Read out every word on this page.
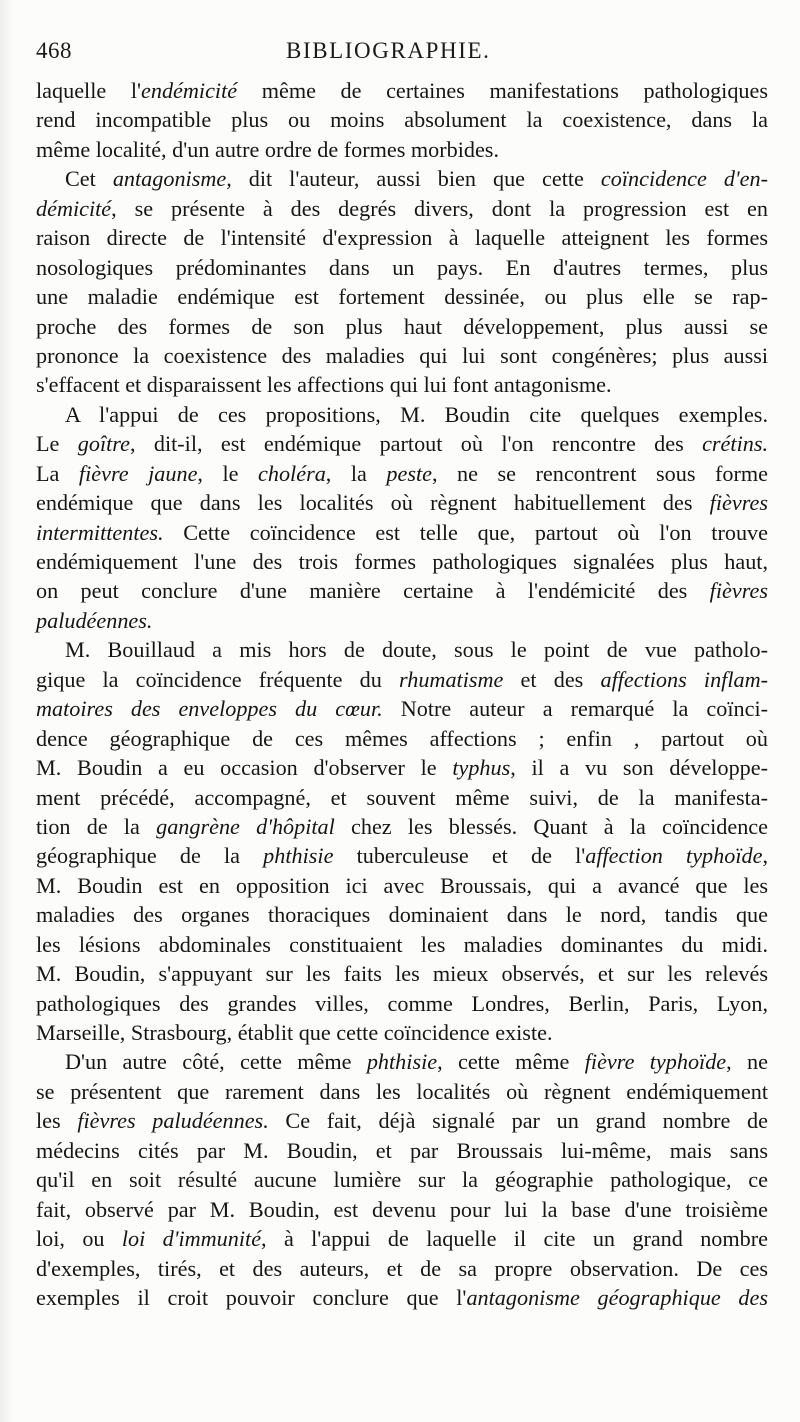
468	BIBLIOGRAPHIE.
laquelle l'endémicité même de certaines manifestations pathologiques
rend incompatible plus ou moins absolument la coexistence, dans la
même localité, d'un autre ordre de formes morbides.
Cet antagonisme, dit l'auteur, aussi bien que cette coïncidence d'en-
démicité, se présente à des degrés divers, dont la progression est en
raison directe de l'intensité d'expression à laquelle atteignent les formes
nosologiques prédominantes dans un pays. En d'autres termes, plus
une maladie endémique est fortement dessinée, ou plus elle se rap-
proche des formes de son plus haut développement, plus aussi se
prononce la coexistence des maladies qui lui sont congénères; plus aussi
s'effacent et disparaissent les affections qui lui font antagonisme.
A l'appui de ces propositions, M. Boudin cite quelques exemples.
Le goître, dit-il, est endémique partout où l'on rencontre des crétins.
La fièvre jaune, le choléra, la peste, ne se rencontrent sous forme
endémique que dans les localités où règnent habituellement des fièvres
intermittentes. Cette coïncidence est telle que, partout où l'on trouve
endémiquement l'une des trois formes pathologiques signalées plus haut,
on peut conclure d'une manière certaine à l'endémicité des fièvres
paludéennes.
M. Bouillaud a mis hors de doute, sous le point de vue patholo-
gique la coïncidence fréquente du rhumatisme et des affections inflam-
matoires des enveloppes du cœur. Notre auteur a remarqué la coïnci-
dence géographique de ces mêmes affections ; enfin , partout où
M. Boudin a eu occasion d'observer le typhus, il a vu son développe-
ment précédé, accompagné, et souvent même suivi, de la manifesta-
tion de la gangrène d'hôpital chez les blessés. Quant à la coïncidence
géographique de la phthisie tuberculeuse et de l'affection typhoïde,
M. Boudin est en opposition ici avec Broussais, qui a avancé que les
maladies des organes thoraciques dominaient dans le nord, tandis que
les lésions abdominales constituaient les maladies dominantes du midi.
M. Boudin, s'appuyant sur les faits les mieux observés, et sur les relevés
pathologiques des grandes villes, comme Londres, Berlin, Paris, Lyon,
Marseille, Strasbourg, établit que cette coïncidence existe.
D'un autre côté, cette même phthisie, cette même fièvre typhoïde, ne
se présentent que rarement dans les localités où règnent endémiquement
les fièvres paludéennes. Ce fait, déjà signalé par un grand nombre de
médecins cités par M. Boudin, et par Broussais lui-même, mais sans
qu'il en soit résulté aucune lumière sur la géographie pathologique, ce
fait, observé par M. Boudin, est devenu pour lui la base d'une troisième
loi, ou loi d'immunité, à l'appui de laquelle il cite un grand nombre
d'exemples, tirés, et des auteurs, et de sa propre observation. De ces
exemples il croit pouvoir conclure que l'antagonisme géographique des
